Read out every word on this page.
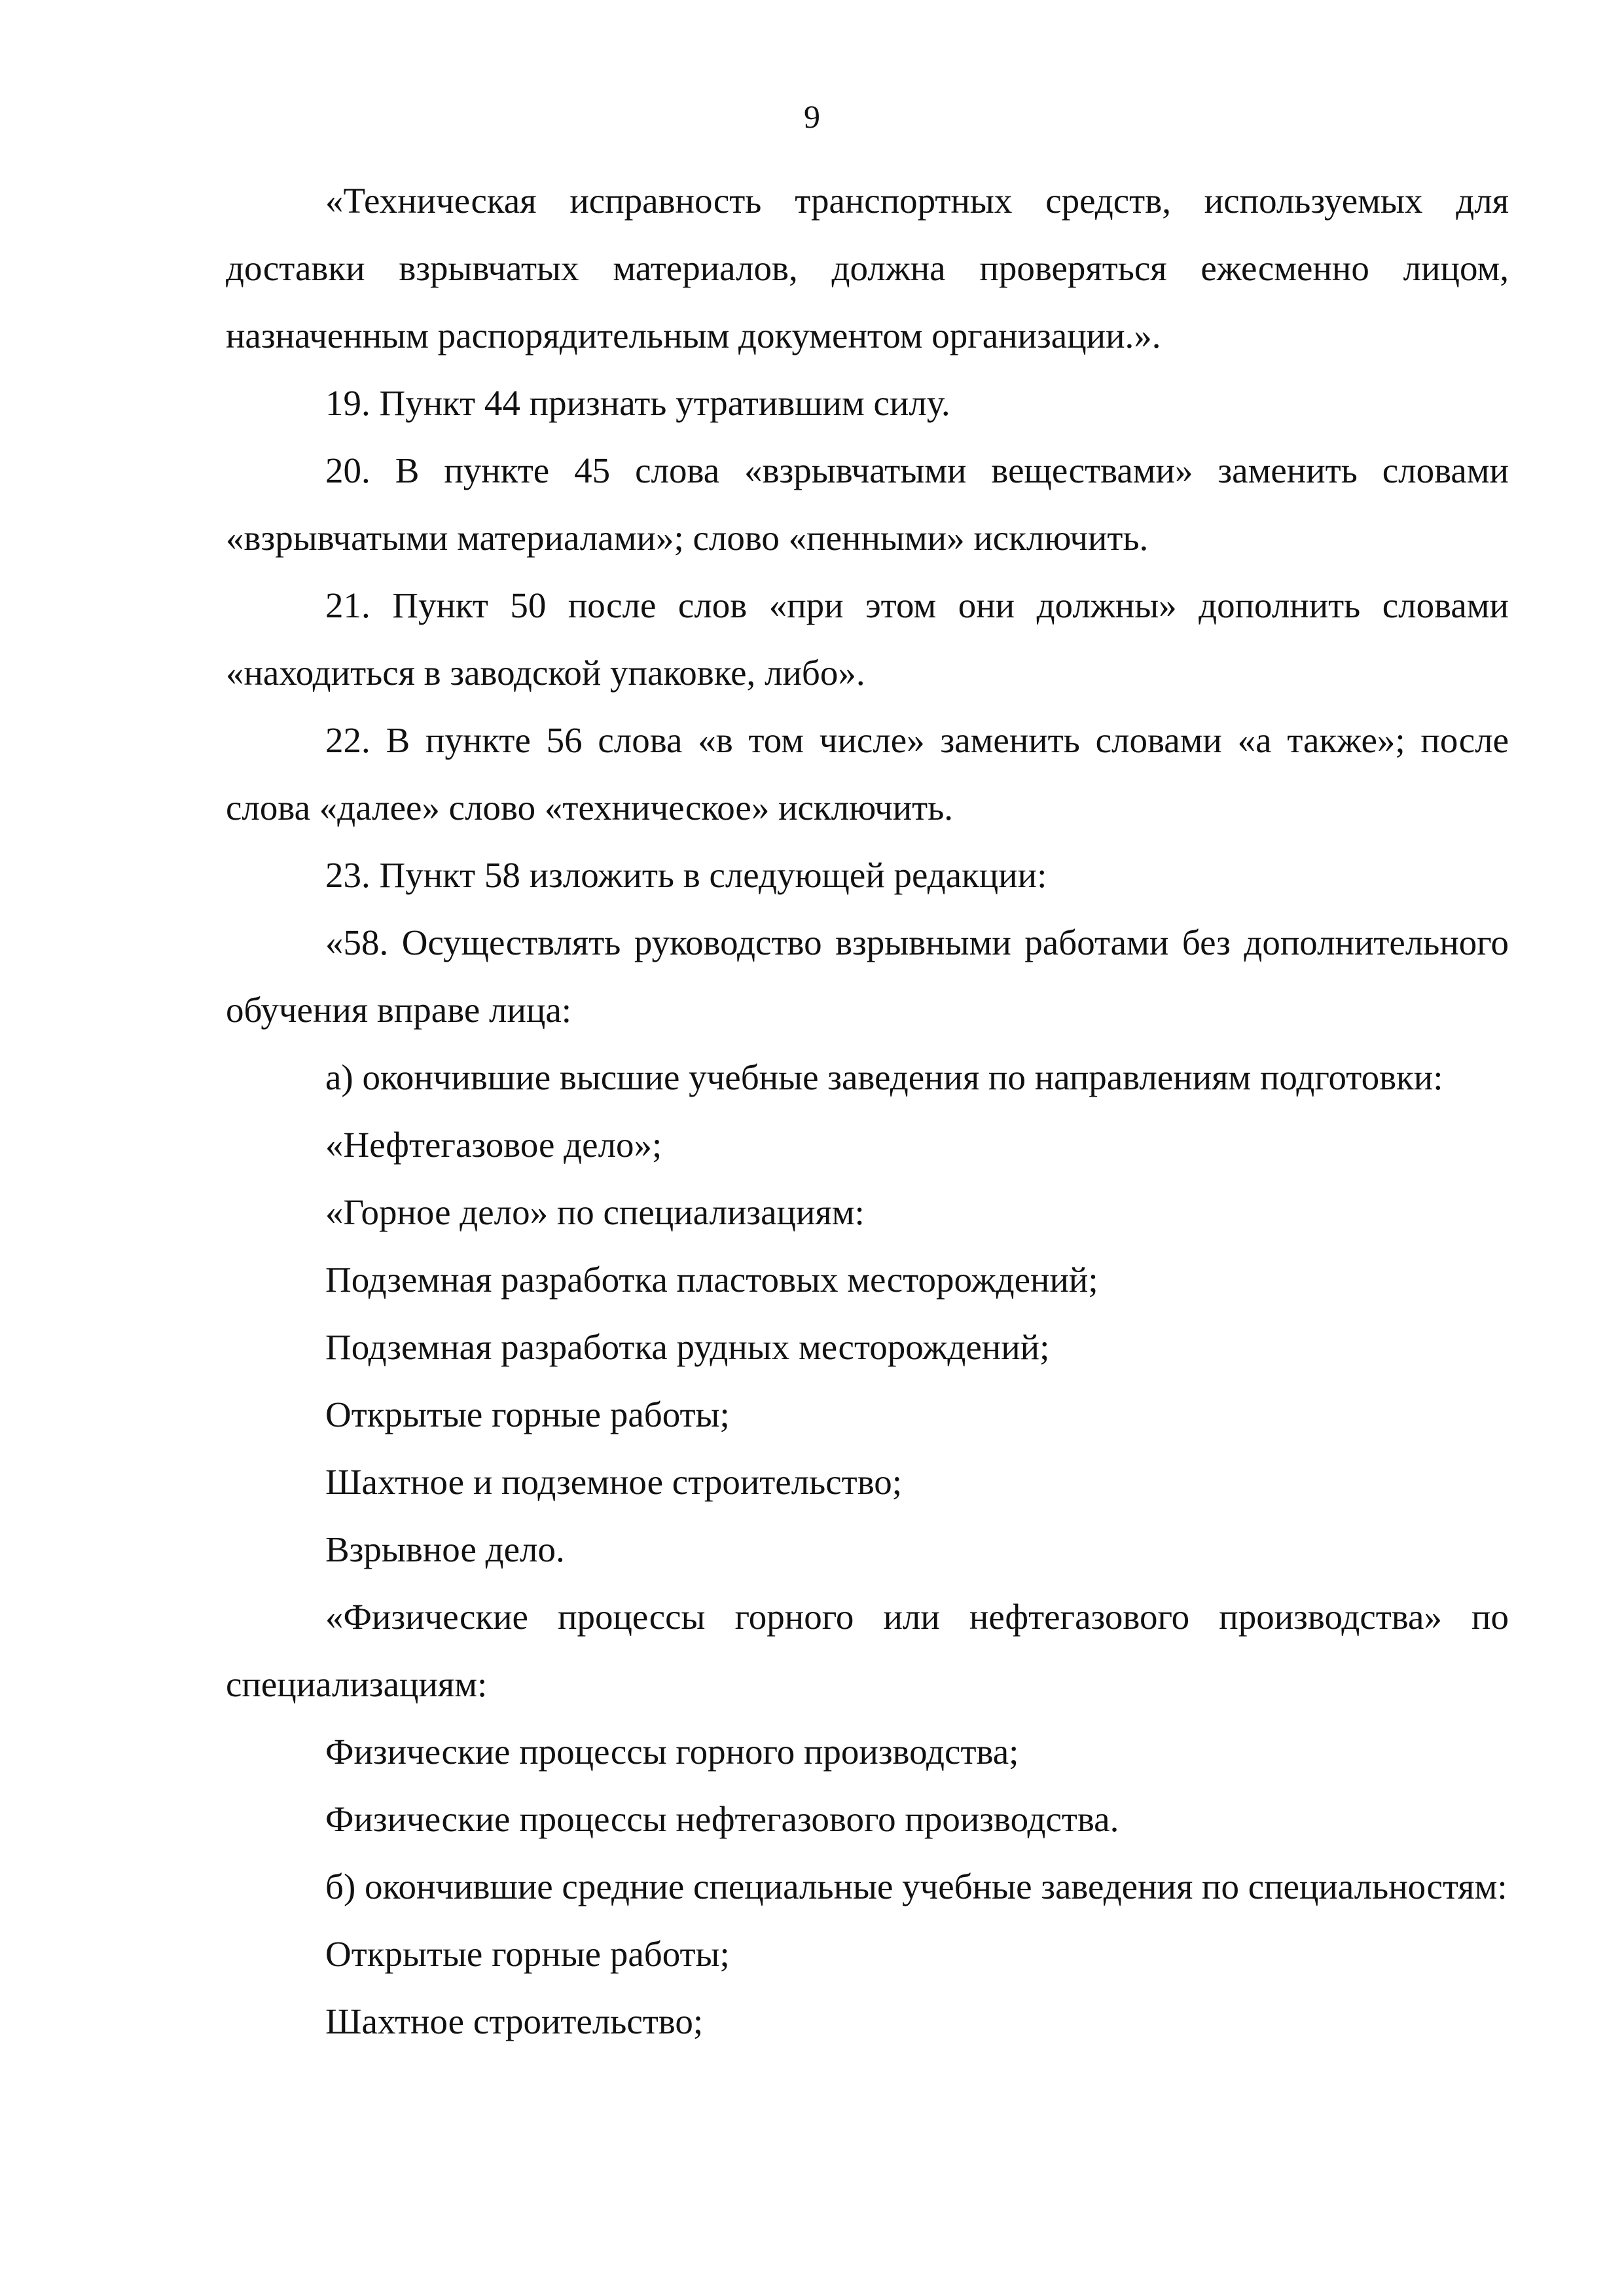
9

«Техническая исправность транспортных средств, используемых для доставки взрывчатых материалов, должна проверяться ежесменно лицом, назначенным распорядительным документом организации.».

19. Пункт 44 признать утратившим силу.

20. В пункте 45 слова «взрывчатыми веществами» заменить словами «взрывчатыми материалами»; слово «пенными» исключить.

21. Пункт 50 после слов «при этом они должны» дополнить словами «находиться в заводской упаковке, либо».

22. В пункте 56 слова «в том числе» заменить словами «а также»; после слова «далее» слово «техническое» исключить.

23. Пункт 58 изложить в следующей редакции:

«58. Осуществлять руководство взрывными работами без дополнительного обучения вправе лица:

а) окончившие высшие учебные заведения по направлениям подготовки:

«Нефтегазовое дело»;

«Горное дело» по специализациям:

Подземная разработка пластовых месторождений;

Подземная разработка рудных месторождений;

Открытые горные работы;

Шахтное и подземное строительство;

Взрывное дело.

«Физические процессы горного или нефтегазового производства» по специализациям:

Физические процессы горного производства;

Физические процессы нефтегазового производства.

б) окончившие средние специальные учебные заведения по специальностям:

Открытые горные работы;

Шахтное строительство;
